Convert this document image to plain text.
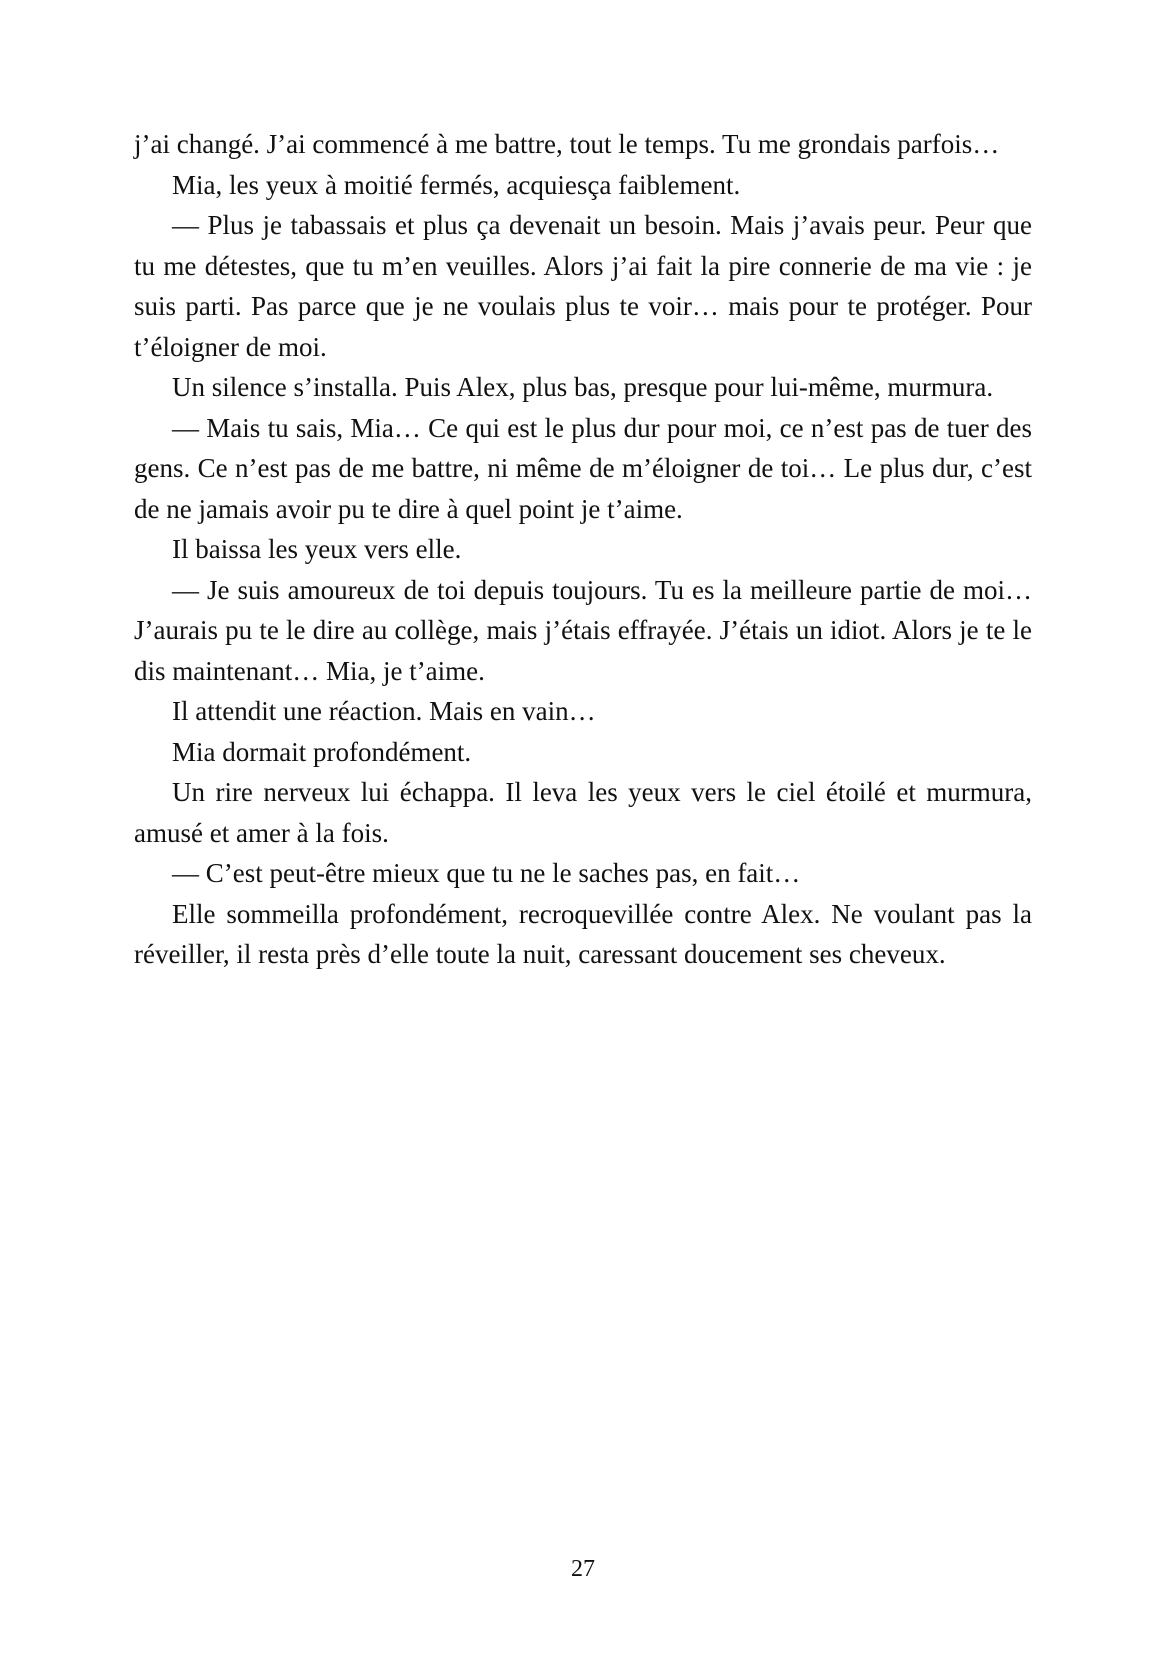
j’ai changé. J’ai commencé à me battre, tout le temps. Tu me grondais parfois…

Mia, les yeux à moitié fermés, acquiesça faiblement.

— Plus je tabassais et plus ça devenait un besoin. Mais j’avais peur. Peur que tu me détestes, que tu m’en veuilles. Alors j’ai fait la pire connerie de ma vie : je suis parti. Pas parce que je ne voulais plus te voir… mais pour te protéger. Pour t’éloigner de moi.

Un silence s’installa. Puis Alex, plus bas, presque pour lui-même, murmura.

— Mais tu sais, Mia… Ce qui est le plus dur pour moi, ce n’est pas de tuer des gens. Ce n’est pas de me battre, ni même de m’éloigner de toi… Le plus dur, c’est de ne jamais avoir pu te dire à quel point je t’aime.

Il baissa les yeux vers elle.

— Je suis amoureux de toi depuis toujours. Tu es la meilleure partie de moi… J’aurais pu te le dire au collège, mais j’étais effrayée. J’étais un idiot. Alors je te le dis maintenant… Mia, je t’aime.

Il attendit une réaction. Mais en vain…

Mia dormait profondément.

Un rire nerveux lui échappa. Il leva les yeux vers le ciel étoilé et murmura, amusé et amer à la fois.

— C’est peut-être mieux que tu ne le saches pas, en fait…

Elle sommeilla profondément, recroquevillée contre Alex. Ne voulant pas la réveiller, il resta près d’elle toute la nuit, caressant doucement ses cheveux.

27
